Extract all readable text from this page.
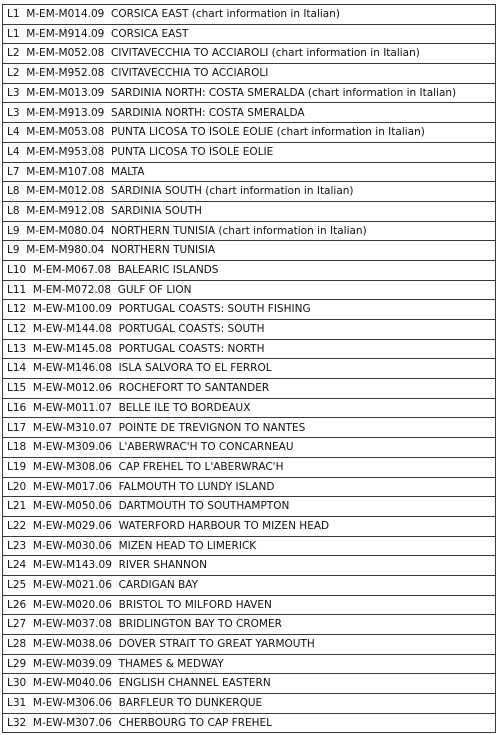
L1  M-EM-M014.09  CORSICA EAST (chart information in Italian)
L1  M-EM-M914.09  CORSICA EAST
L2  M-EM-M052.08  CIVITAVECCHIA TO ACCIAROLI (chart information in Italian)
L2  M-EM-M952.08  CIVITAVECCHIA TO ACCIAROLI
L3  M-EM-M013.09  SARDINIA NORTH: COSTA SMERALDA (chart information in Italian)
L3  M-EM-M913.09  SARDINIA NORTH: COSTA SMERALDA
L4  M-EM-M053.08  PUNTA LICOSA TO ISOLE EOLIE (chart information in Italian)
L4  M-EM-M953.08  PUNTA LICOSA TO ISOLE EOLIE
L7  M-EM-M107.08  MALTA
L8  M-EM-M012.08  SARDINIA SOUTH (chart information in Italian)
L8  M-EM-M912.08  SARDINIA SOUTH
L9  M-EM-M080.04  NORTHERN TUNISIA (chart information in Italian)
L9  M-EM-M980.04  NORTHERN TUNISIA
L10  M-EM-M067.08  BALEARIC ISLANDS
L11  M-EM-M072.08  GULF OF LION
L12  M-EW-M100.09  PORTUGAL COASTS: SOUTH FISHING
L12  M-EW-M144.08  PORTUGAL COASTS: SOUTH
L13  M-EW-M145.08  PORTUGAL COASTS: NORTH
L14  M-EW-M146.08  ISLA SALVORA TO EL FERROL
L15  M-EW-M012.06  ROCHEFORT TO SANTANDER
L16  M-EW-M011.07  BELLE ILE TO BORDEAUX
L17  M-EW-M310.07  POINTE DE TREVIGNON TO NANTES
L18  M-EW-M309.06  L'ABERWRAC'H TO CONCARNEAU
L19  M-EW-M308.06  CAP FREHEL TO L'ABERWRAC'H
L20  M-EW-M017.06  FALMOUTH TO LUNDY ISLAND
L21  M-EW-M050.06  DARTMOUTH TO SOUTHAMPTON
L22  M-EW-M029.06  WATERFORD HARBOUR TO MIZEN HEAD
L23  M-EW-M030.06  MIZEN HEAD TO LIMERICK
L24  M-EW-M143.09  RIVER SHANNON
L25  M-EW-M021.06  CARDIGAN BAY
L26  M-EW-M020.06  BRISTOL TO MILFORD HAVEN
L27  M-EW-M037.08  BRIDLINGTON BAY TO CROMER
L28  M-EW-M038.06  DOVER STRAIT TO GREAT YARMOUTH
L29  M-EW-M039.09  THAMES & MEDWAY
L30  M-EW-M040.06  ENGLISH CHANNEL EASTERN
L31  M-EW-M306.06  BARFLEUR TO DUNKERQUE
L32  M-EW-M307.06  CHERBOURG TO CAP FREHEL
